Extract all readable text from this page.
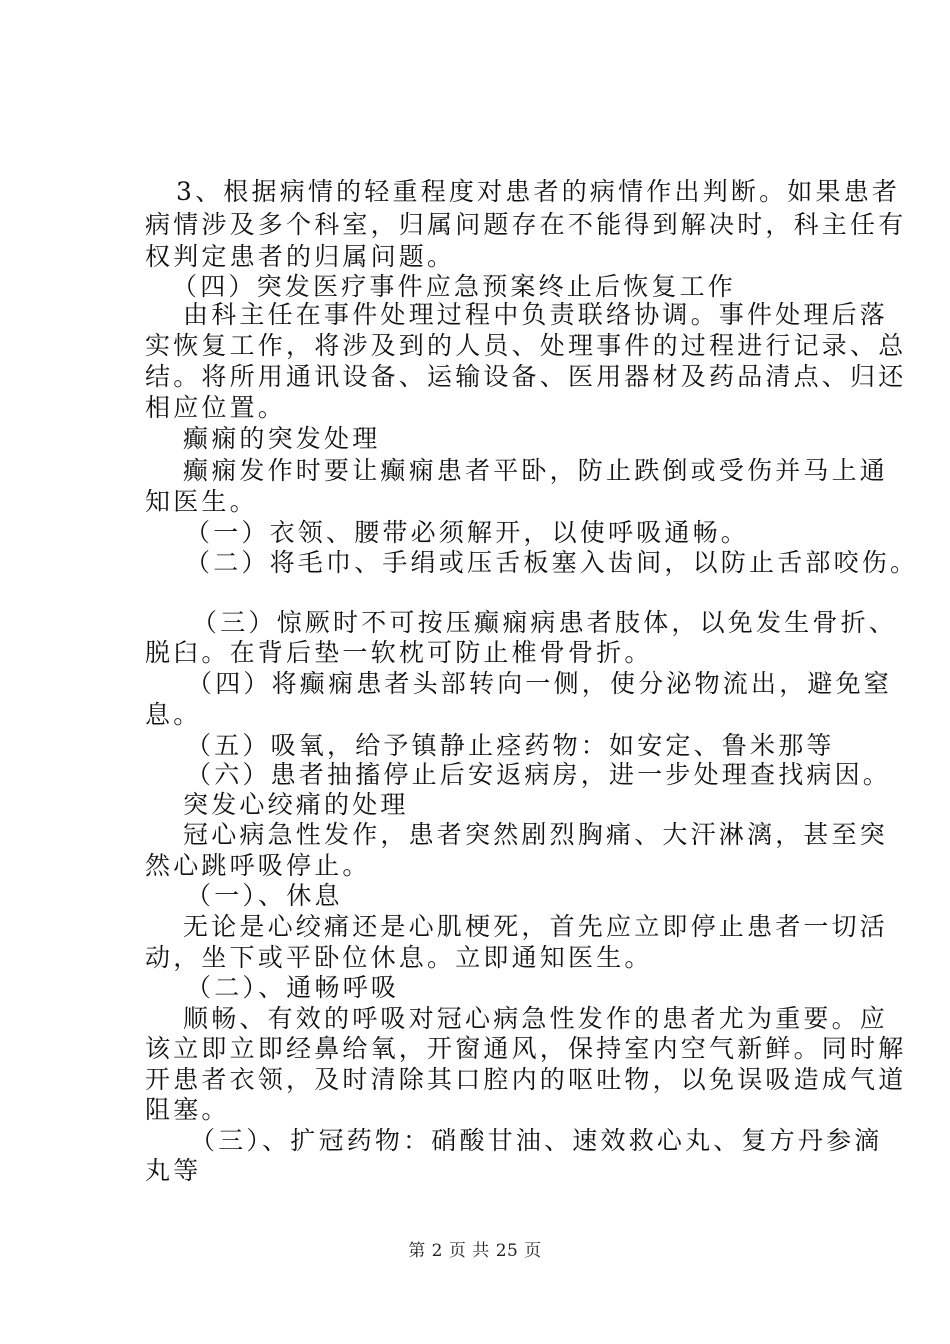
3、根据病情的轻重程度对患者的病情作出判断。如果患者
病情涉及多个科室，归属问题存在不能得到解决时，科主任有
权判定患者的归属问题。
（四）突发医疗事件应急预案终止后恢复工作
由科主任在事件处理过程中负责联络协调。事件处理后落
实恢复工作，将涉及到的人员、处理事件的过程进行记录、总
结。将所用通讯设备、运输设备、医用器材及药品清点、归还
相应位置。
癫痫的突发处理
癫痫发作时要让癫痫患者平卧，防止跌倒或受伤并马上通
知医生。
（一）衣领、腰带必须解开，以使呼吸通畅。
（二）将毛巾、手绢或压舌板塞入齿间，以防止舌部咬伤。
（三）惊厥时不可按压癫痫病患者肢体，以免发生骨折、
脱臼。在背后垫一软枕可防止椎骨骨折。
（四）将癫痫患者头部转向一侧，使分泌物流出，避免窒
息。
（五）吸氧，给予镇静止痉药物：如安定、鲁米那等
（六）患者抽搐停止后安返病房，进一步处理查找病因。
突发心绞痛的处理
冠心病急性发作，患者突然剧烈胸痛、大汗淋漓，甚至突
然心跳呼吸停止。
（一）、休息
无论是心绞痛还是心肌梗死，首先应立即停止患者一切活
动，坐下或平卧位休息。立即通知医生。
（二）、通畅呼吸
顺畅、有效的呼吸对冠心病急性发作的患者尤为重要。应
该立即立即经鼻给氧，开窗通风，保持室内空气新鲜。同时解
开患者衣领，及时清除其口腔内的呕吐物，以免误吸造成气道
阻塞。
（三）、扩冠药物：硝酸甘油、速效救心丸、复方丹参滴
丸等
第 2 页 共 25 页
